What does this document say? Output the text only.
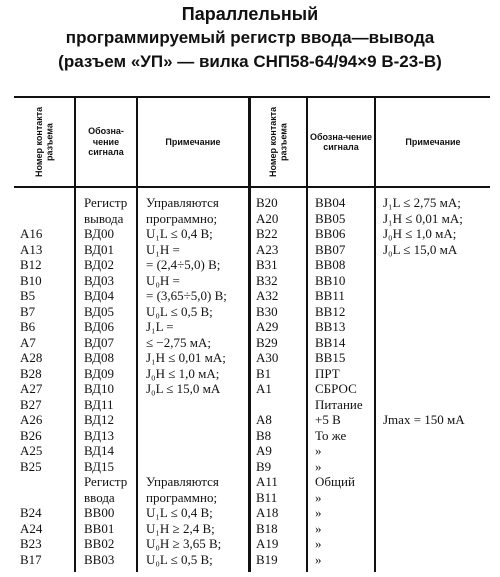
Параллельный
программируемый регистр ввода—вывода
(разъем «УП» — вилка СНП58-64/94×9 В-23-В)
Номер контакта разъема	Обозна-чение сигнала
Примечание	Номер контакта разъема Обозна-чение сигнала
Примечание
A16
A13
B12
B10
B5
B7
B6
A7
A28
B28
A27
B27
A26
B26
A25
B25
B24
A24
B23
B17
Регистр
вывода
ВД00
ВД01
ВД02
ВД03
ВД04
ВД05
ВД06
ВД07
ВД08
ВД09
ВД10
ВД11
ВД12
ВД13
ВД14
ВД15
Регистр
ввода
ВВ00
ВВ01
ВВ02
ВВ03
Управляются
программно;
U₁L ≤ 0,4 В;
U₁H =
= (2,4÷5,0) В;
U₀H =
= (3,65÷5,0) В;
U₀L ≤ 0,5 В;
J₁L =
≤ −2,75 мА;
J₁H ≤ 0,01 мА;
J₀H ≤ 1,0 мА;
J₀L ≤ 15,0 мА
Управляются
программно;
U₁L ≤ 0,4 В;
U₁H ≥ 2,4 В;
U₀H ≥ 3,65 В;
U₀L ≤ 0,5 В;
B20
A20
B22
A23
B31
B32
A32
B30
A29
B29
A30
B1
A1
A8
B8
A9
B9
A11
B11
A18
B18
A19
B19
ВВ04
ВВ05
ВВ06
ВВ07
ВВ08
ВВ10
ВВ11
ВВ12
ВВ13
ВВ14
ВВ15
ПРТ
СБРОС
Питание
+5 В
То же
»
»
Общий
»
»
»
»
»
J₁L ≤ 2,75 мА;
J₁H ≤ 0,01 мА;
J₀H ≤ 1,0 мА;
J₀L ≤ 15,0 мА
Jmax = 150 мА
